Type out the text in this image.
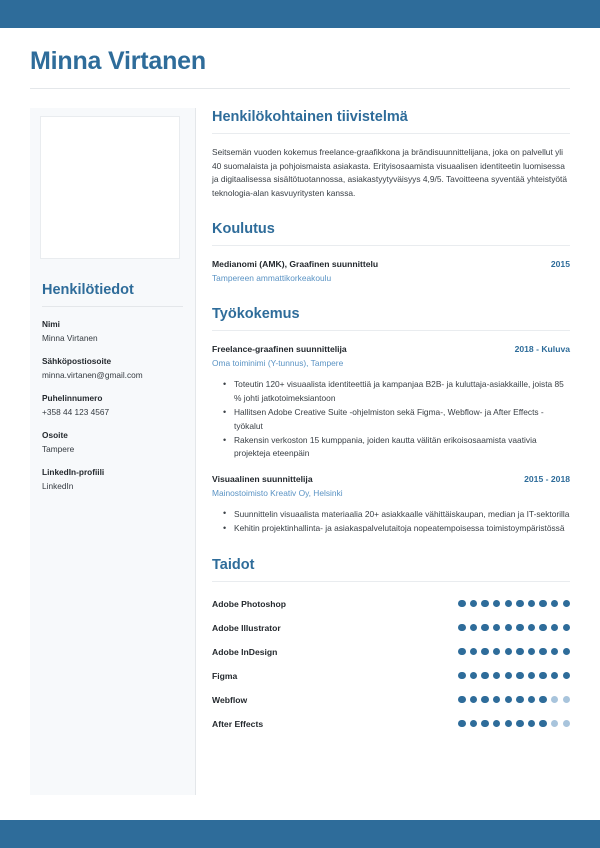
Minna Virtanen
Henkilötiedot
Nimi
Minna Virtanen
Sähköpostiosoite
minna.virtanen@gmail.com
Puhelinnumero
+358 44 123 4567
Osoite
Tampere
LinkedIn-profiili
LinkedIn
Henkilökohtainen tiivistelmä
Seitsemän vuoden kokemus freelance-graafikkona ja brändisuunnittelijana, joka on palvellut yli 40 suomalaista ja pohjoismaista asiakasta. Erityisosaamista visuaalisen identiteetin luomisessa ja digitaalisessa sisältötuotannossa, asiakastyytyväisyys 4,9/5. Tavoitteena syventää yhteistyötä teknologia-alan kasvuyritysten kanssa.
Koulutus
Medianomi (AMK), Graafinen suunnittelu	2015
Tampereen ammattikorkeakoulu
Työkokemus
Freelance-graafinen suunnittelija	2018 - Kuluva
Oma toiminimi (Y-tunnus), Tampere
• Toteutin 120+ visuaalista identiteettiä ja kampanjaa B2B- ja kuluttaja-asiakkaille, joista 85 % johti jatkotoimeksiantoon
• Hallitsen Adobe Creative Suite -ohjelmiston sekä Figma-, Webflow- ja After Effects -työkalut
• Rakensin verkoston 15 kumppania, joiden kautta välitän erikoisosaamista vaativia projekteja eteenpäin
Visuaalinen suunnittelija	2015 - 2018
Mainostoimisto Kreativ Oy, Helsinki
• Suunnittelin visuaalista materiaalia 20+ asiakkaalle vähittäiskaupan, median ja IT-sektorilla
• Kehitin projektinhallinta- ja asiakaspalvelutaitoja nopeatempoisessa toimistoympäristössä
Taidot
Adobe Photoshop
Adobe Illustrator
Adobe InDesign
Figma
Webflow
After Effects
